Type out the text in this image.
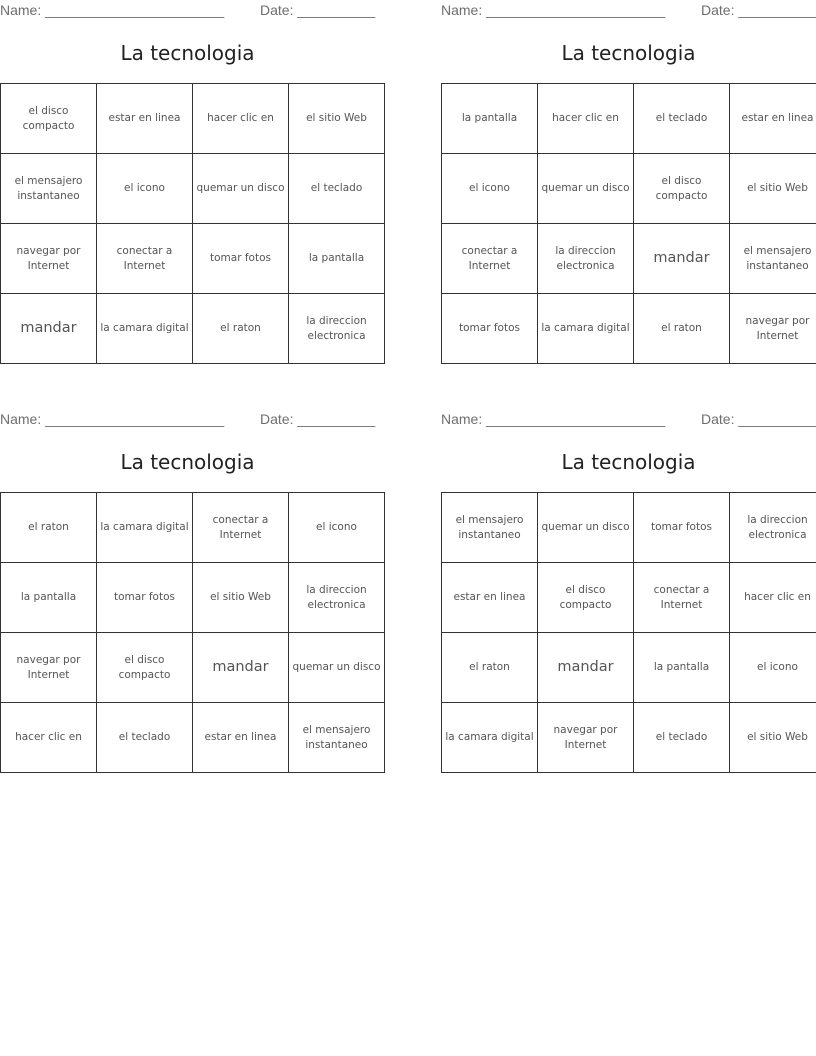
Name: _______________________	Date: __________
La tecnologia
el disco compacto	estar en linea	hacer clic en	el sitio Web
el mensajero instantaneo	el icono	quemar un disco	el teclado
navegar por Internet	conectar a Internet	tomar fotos	la pantalla
mandar	la camara digital	el raton	la direccion electronica
Name: _______________________	Date: __________
La tecnologia
la pantalla	hacer clic en	el teclado	estar en linea
el icono	quemar un disco	el disco compacto	el sitio Web
conectar a Internet	la direccion electronica	mandar	el mensajero instantaneo
tomar fotos	la camara digital	el raton	navegar por Internet
Name: _______________________	Date: __________
La tecnologia
el raton	la camara digital	conectar a Internet	el icono
la pantalla	tomar fotos	el sitio Web	la direccion electronica
navegar por Internet	el disco compacto	mandar	quemar un disco
hacer clic en	el teclado	estar en linea	el mensajero instantaneo
Name: _______________________	Date: __________
La tecnologia
el mensajero instantaneo	quemar un disco	tomar fotos	la direccion electronica
estar en linea	el disco compacto	conectar a Internet	hacer clic en
el raton	mandar	la pantalla	el icono
la camara digital	navegar por Internet	el teclado	el sitio Web
